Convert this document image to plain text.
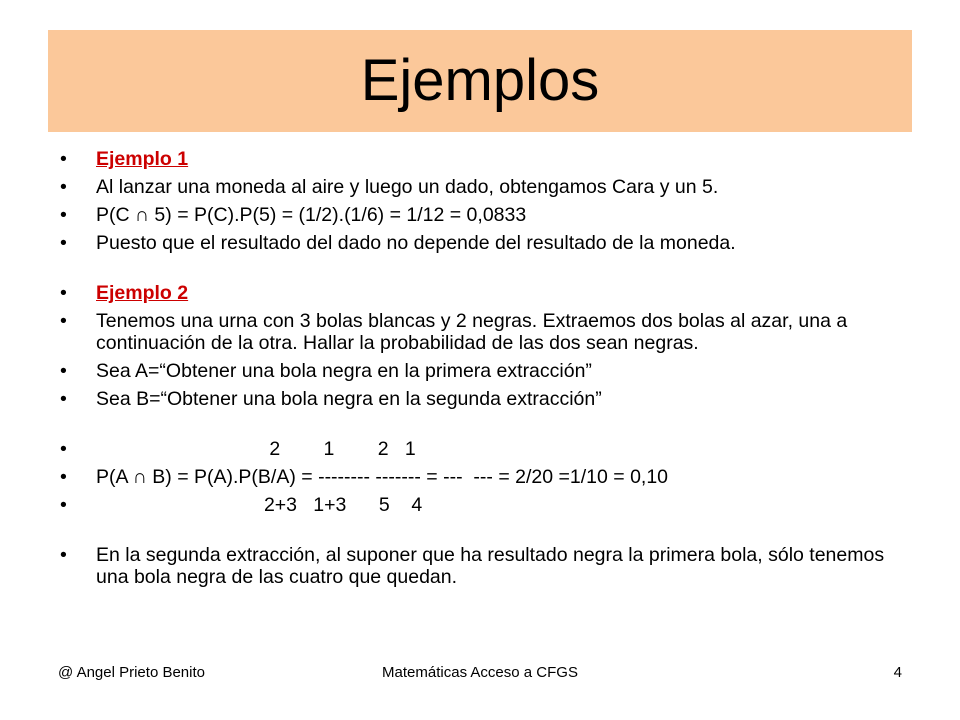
Ejemplos
• Ejemplo 1
• Al lanzar una moneda al aire y luego un dado, obtengamos Cara y un 5.
• P(C ∩ 5) = P(C).P(5) = (1/2).(1/6) = 1/12 = 0,0833
• Puesto que el resultado del dado no depende del resultado de la moneda.
• Ejemplo 2
• Tenemos una urna con 3 bolas blancas y 2 negras. Extraemos dos bolas al azar, una a continuación de la otra. Hallar la probabilidad de las dos sean negras.
• Sea A=“Obtener una bola negra en la primera extracción”
• Sea B=“Obtener una bola negra en la segunda extracción”
• 2        1        2   1
• P(A ∩ B) = P(A).P(B/A) = -------- ------- = ---  --- = 2/20 =1/10 = 0,10
• 2+3   1+3      5    4
• En la segunda extracción, al suponer que ha resultado negra la primera bola, sólo tenemos una bola negra de las cuatro que quedan.
@ Angel Prieto Benito	Matemáticas Acceso a CFGS	4
